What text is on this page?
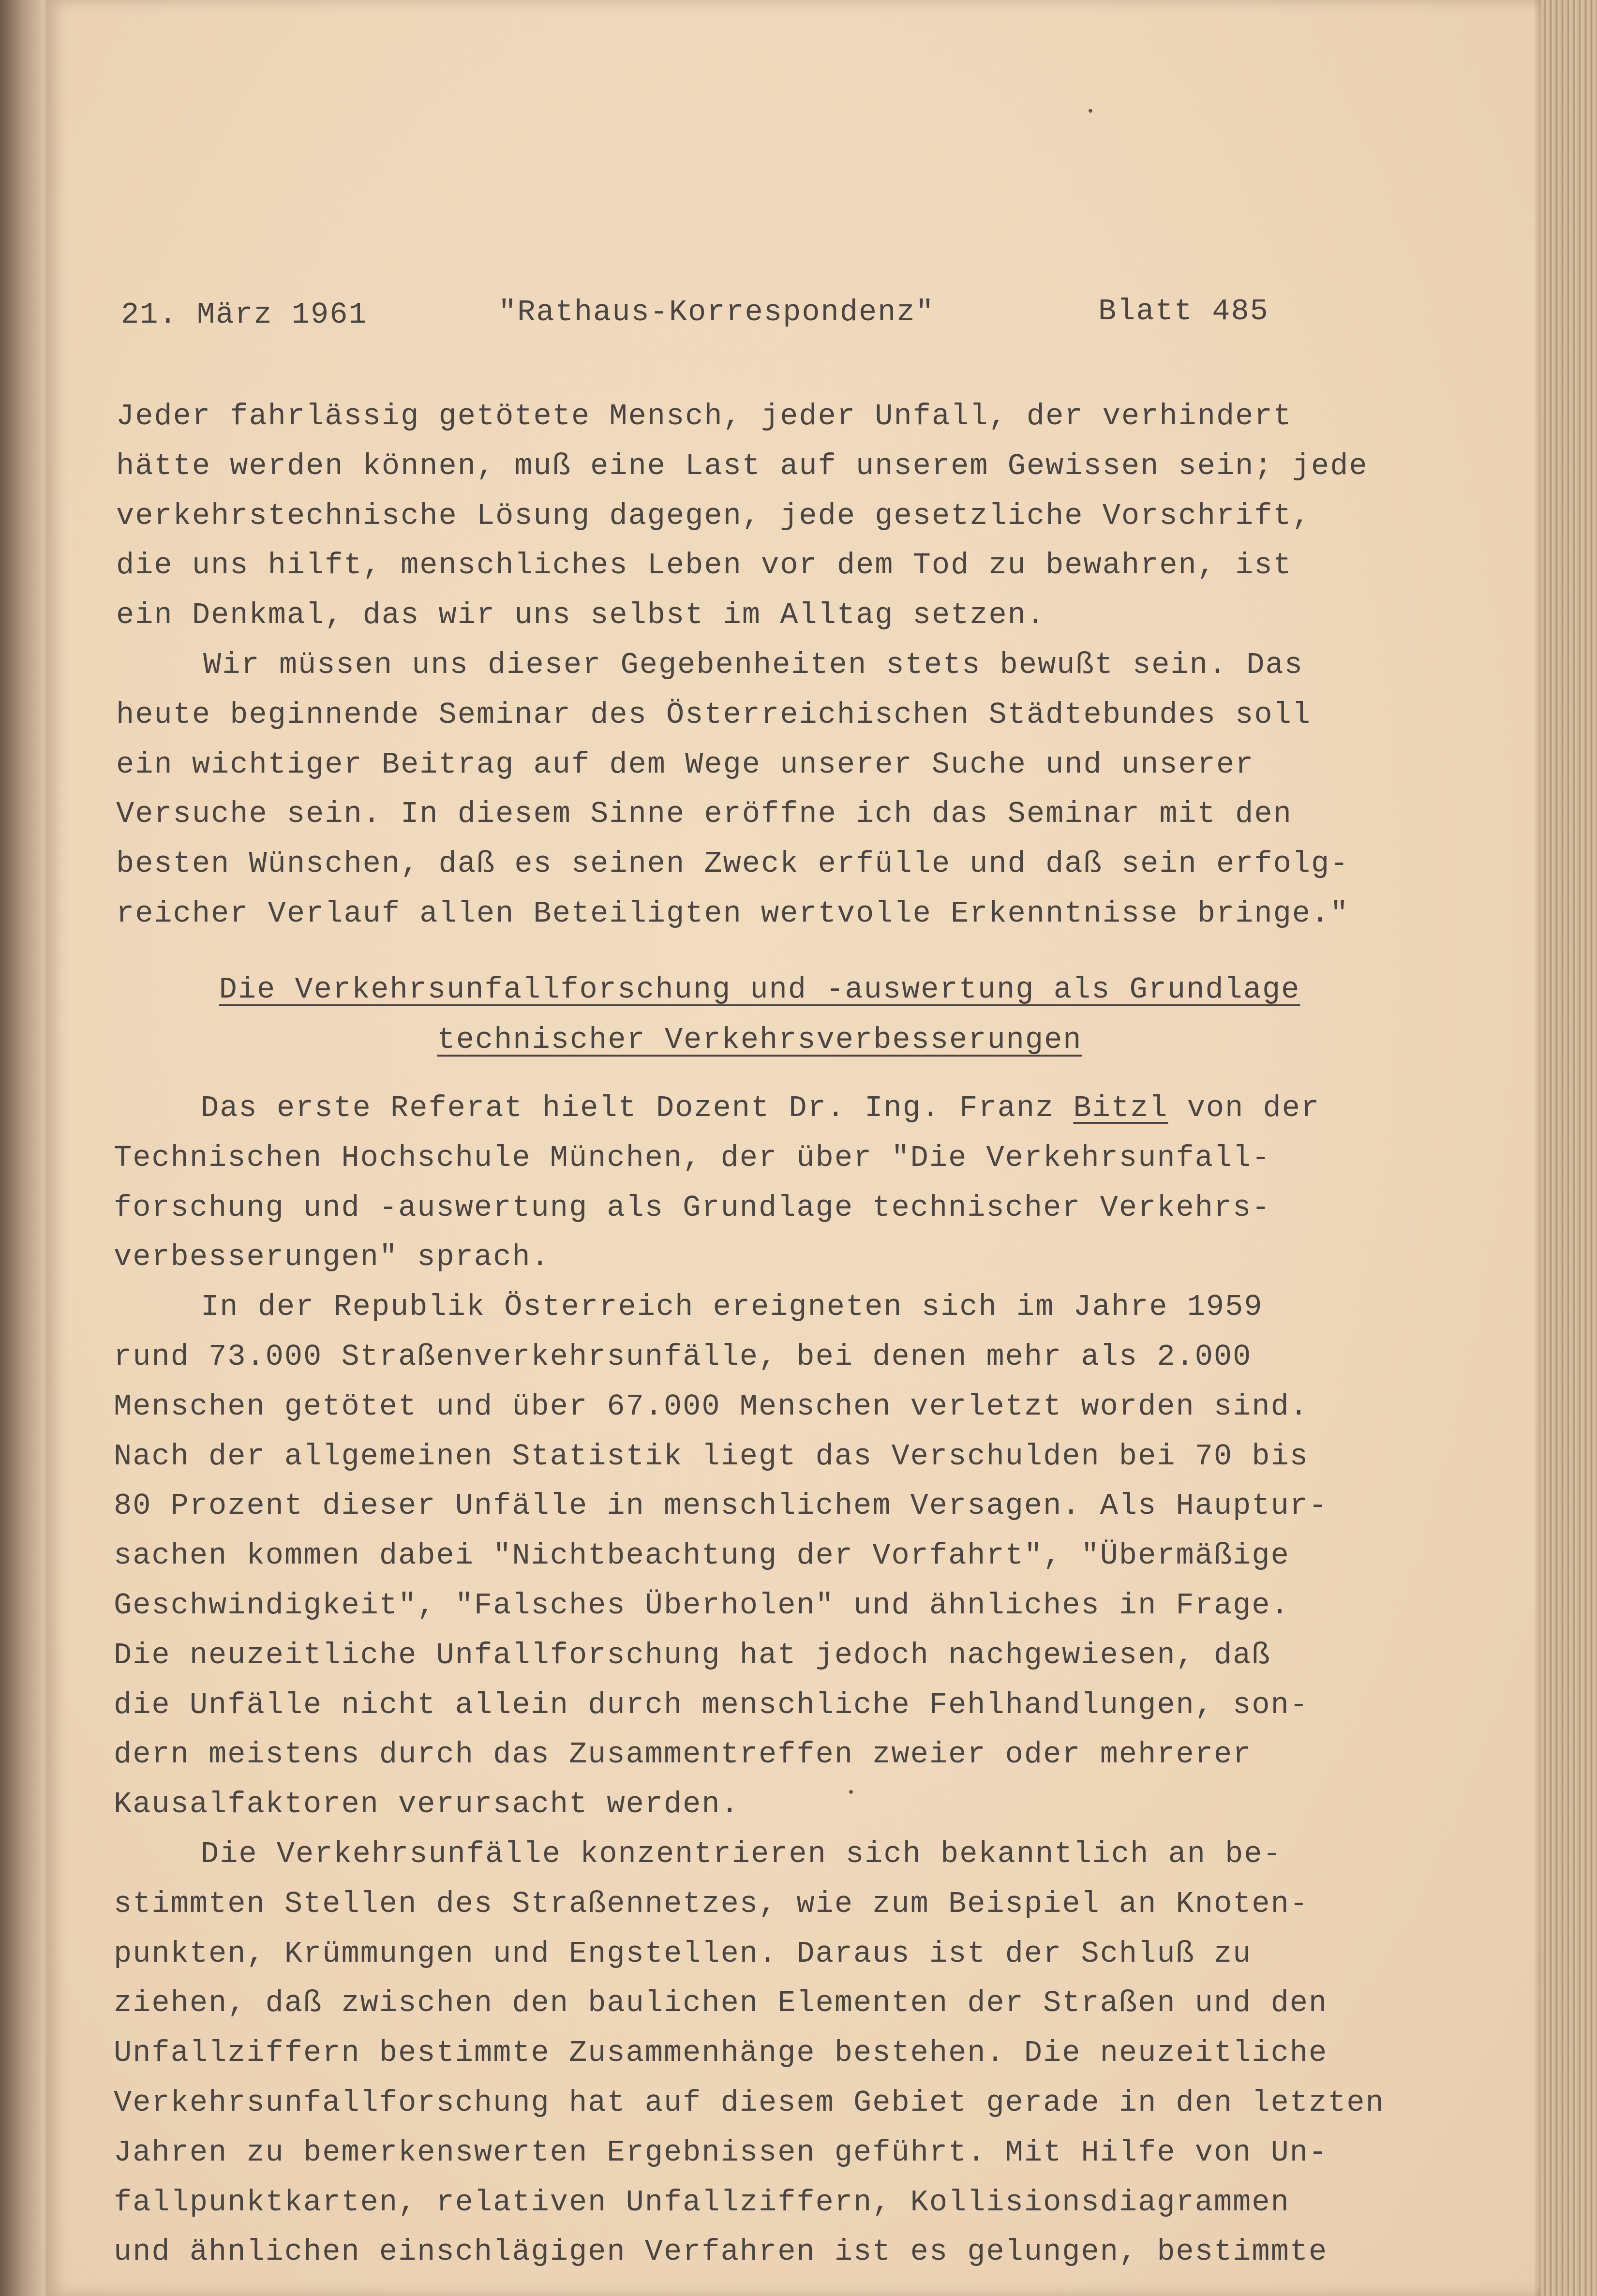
21. März 1961	"Rathaus-Korrespondenz"	Blatt 485
Jeder fahrlässig getötete Mensch, jeder Unfall, der verhindert
hätte werden können, muß eine Last auf unserem Gewissen sein; jede
verkehrstechnische Lösung dagegen, jede gesetzliche Vorschrift,
die uns hilft, menschliches Leben vor dem Tod zu bewahren, ist
ein Denkmal, das wir uns selbst im Alltag setzen.
Wir müssen uns dieser Gegebenheiten stets bewußt sein. Das
heute beginnende Seminar des Österreichischen Städtebundes soll
ein wichtiger Beitrag auf dem Wege unserer Suche und unserer
Versuche sein. In diesem Sinne eröffne ich das Seminar mit den
besten Wünschen, daß es seinen Zweck erfülle und daß sein erfolg-
reicher Verlauf allen Beteiligten wertvolle Erkenntnisse bringe."
Die Verkehrsunfallforschung und -auswertung als Grundlage
technischer Verkehrsverbesserungen
Das erste Referat hielt Dozent Dr. Ing. Franz Bitzl von der
Technischen Hochschule München, der über "Die Verkehrsunfall-
forschung und -auswertung als Grundlage technischer Verkehrs-
verbesserungen" sprach.
In der Republik Österreich ereigneten sich im Jahre 1959
rund 73.000 Straßenverkehrsunfälle, bei denen mehr als 2.000
Menschen getötet und über 67.000 Menschen verletzt worden sind.
Nach der allgemeinen Statistik liegt das Verschulden bei 70 bis
80 Prozent dieser Unfälle in menschlichem Versagen. Als Hauptur-
sachen kommen dabei "Nichtbeachtung der Vorfahrt", "Übermäßige
Geschwindigkeit", "Falsches Überholen" und ähnliches in Frage.
Die neuzeitliche Unfallforschung hat jedoch nachgewiesen, daß
die Unfälle nicht allein durch menschliche Fehlhandlungen, son-
dern meistens durch das Zusammentreffen zweier oder mehrerer
Kausalfaktoren verursacht werden.
Die Verkehrsunfälle konzentrieren sich bekanntlich an be-
stimmten Stellen des Straßennetzes, wie zum Beispiel an Knoten-
punkten, Krümmungen und Engstellen. Daraus ist der Schluß zu
ziehen, daß zwischen den baulichen Elementen der Straßen und den
Unfallziffern bestimmte Zusammenhänge bestehen. Die neuzeitliche
Verkehrsunfallforschung hat auf diesem Gebiet gerade in den letzten
Jahren zu bemerkenswerten Ergebnissen geführt. Mit Hilfe von Un-
fallpunktkarten, relativen Unfallziffern, Kollisionsdiagrammen
und ähnlichen einschlägigen Verfahren ist es gelungen, bestimmte
